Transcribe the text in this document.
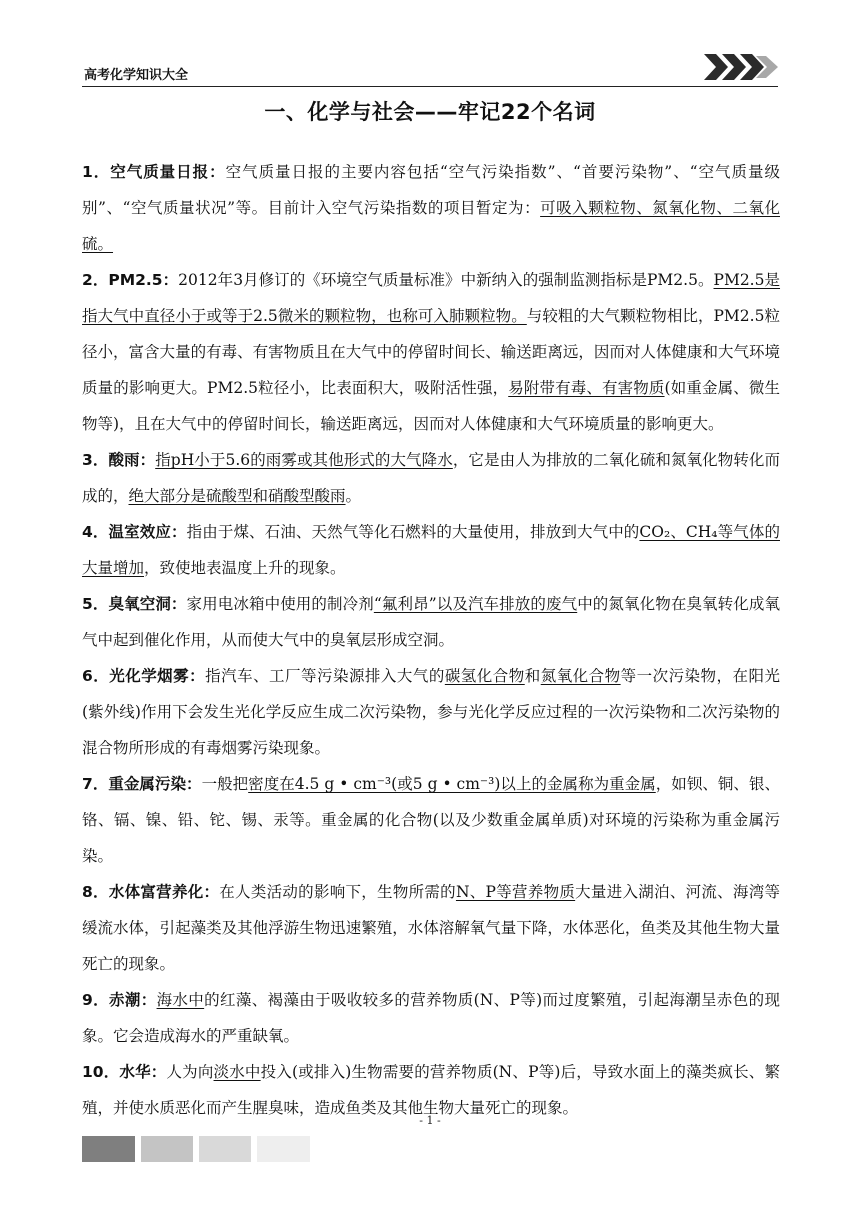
高考化学知识大全
一、化学与社会——牢记22个名词

1．空气质量日报：空气质量日报的主要内容包括“空气污染指数”、“首要污染物”、“空气质量级别”、“空气质量状况”等。目前计入空气污染指数的项目暂定为：可吸入颗粒物、氮氧化物、二氧化硫。

2．PM2.5：2012年3月修订的《环境空气质量标准》中新纳入的强制监测指标是PM2.5。PM2.5是指大气中直径小于或等于2.5微米的颗粒物，也称可入肺颗粒物。与较粗的大气颗粒物相比，PM2.5粒径小，富含大量的有毒、有害物质且在大气中的停留时间长、输送距离远，因而对人体健康和大气环境质量的影响更大。PM2.5粒径小，比表面积大，吸附活性强，易附带有毒、有害物质(如重金属、微生物等)，且在大气中的停留时间长，输送距离远，因而对人体健康和大气环境质量的影响更大。

3．酸雨：指pH小于5.6的雨雾或其他形式的大气降水，它是由人为排放的二氧化硫和氮氧化物转化而成的，绝大部分是硫酸型和硝酸型酸雨。

4．温室效应：指由于煤、石油、天然气等化石燃料的大量使用，排放到大气中的CO₂、CH₄等气体的大量增加，致使地表温度上升的现象。

5．臭氧空洞：家用电冰箱中使用的制冷剂“氟利昂”以及汽车排放的废气中的氮氧化物在臭氧转化成氧气中起到催化作用，从而使大气中的臭氧层形成空洞。

6．光化学烟雾：指汽车、工厂等污染源排入大气的碳氢化合物和氮氧化合物等一次污染物，在阳光(紫外线)作用下会发生光化学反应生成二次污染物，参与光化学反应过程的一次污染物和二次污染物的混合物所形成的有毒烟雾污染现象。

7．重金属污染：一般把密度在4.5 g • cm⁻³(或5 g • cm⁻³)以上的金属称为重金属，如钡、铜、银、铬、镉、镍、铅、铊、锡、汞等。重金属的化合物(以及少数重金属单质)对环境的污染称为重金属污染。

8．水体富营养化：在人类活动的影响下，生物所需的N、P等营养物质大量进入湖泊、河流、海湾等缓流水体，引起藻类及其他浮游生物迅速繁殖，水体溶解氧气量下降，水体恶化，鱼类及其他生物大量死亡的现象。

9．赤潮：海水中的红藻、褐藻由于吸收较多的营养物质(N、P等)而过度繁殖，引起海潮呈赤色的现象。它会造成海水的严重缺氧。

10．水华：人为向淡水中投入(或排入)生物需要的营养物质(N、P等)后，导致水面上的藻类疯长、繁殖，并使水质恶化而产生腥臭味，造成鱼类及其他生物大量死亡的现象。

- 1 -
